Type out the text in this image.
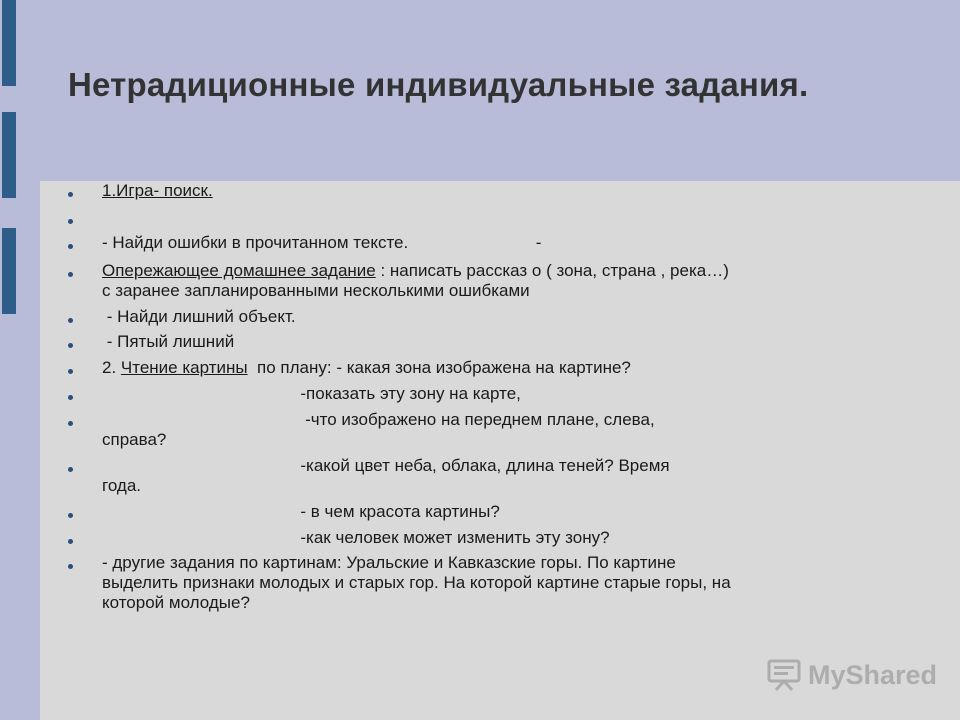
Нетрадиционные индивидуальные задания.
1.Игра- поиск.
- Найди ошибки в прочитанном тексте.                           -
Опережающее домашнее задание : написать рассказ о ( зона, страна , река…)
с заранее запланированными несколькими ошибками
- Найди лишний объект.
- Пятый лишний
2. Чтение картины  по плану: - какая зона изображена на картине?
-показать эту зону на карте,
-что изображено на переднем плане, слева,
справа?
-какой цвет неба, облака, длина теней? Время
года.
- в чем красота картины?
-как человек может изменить эту зону?
- другие задания по картинам: Уральские и Кавказские горы. По картине
выделить признаки молодых и старых гор. На которой картине старые горы, на
которой молодые?
MyShared
